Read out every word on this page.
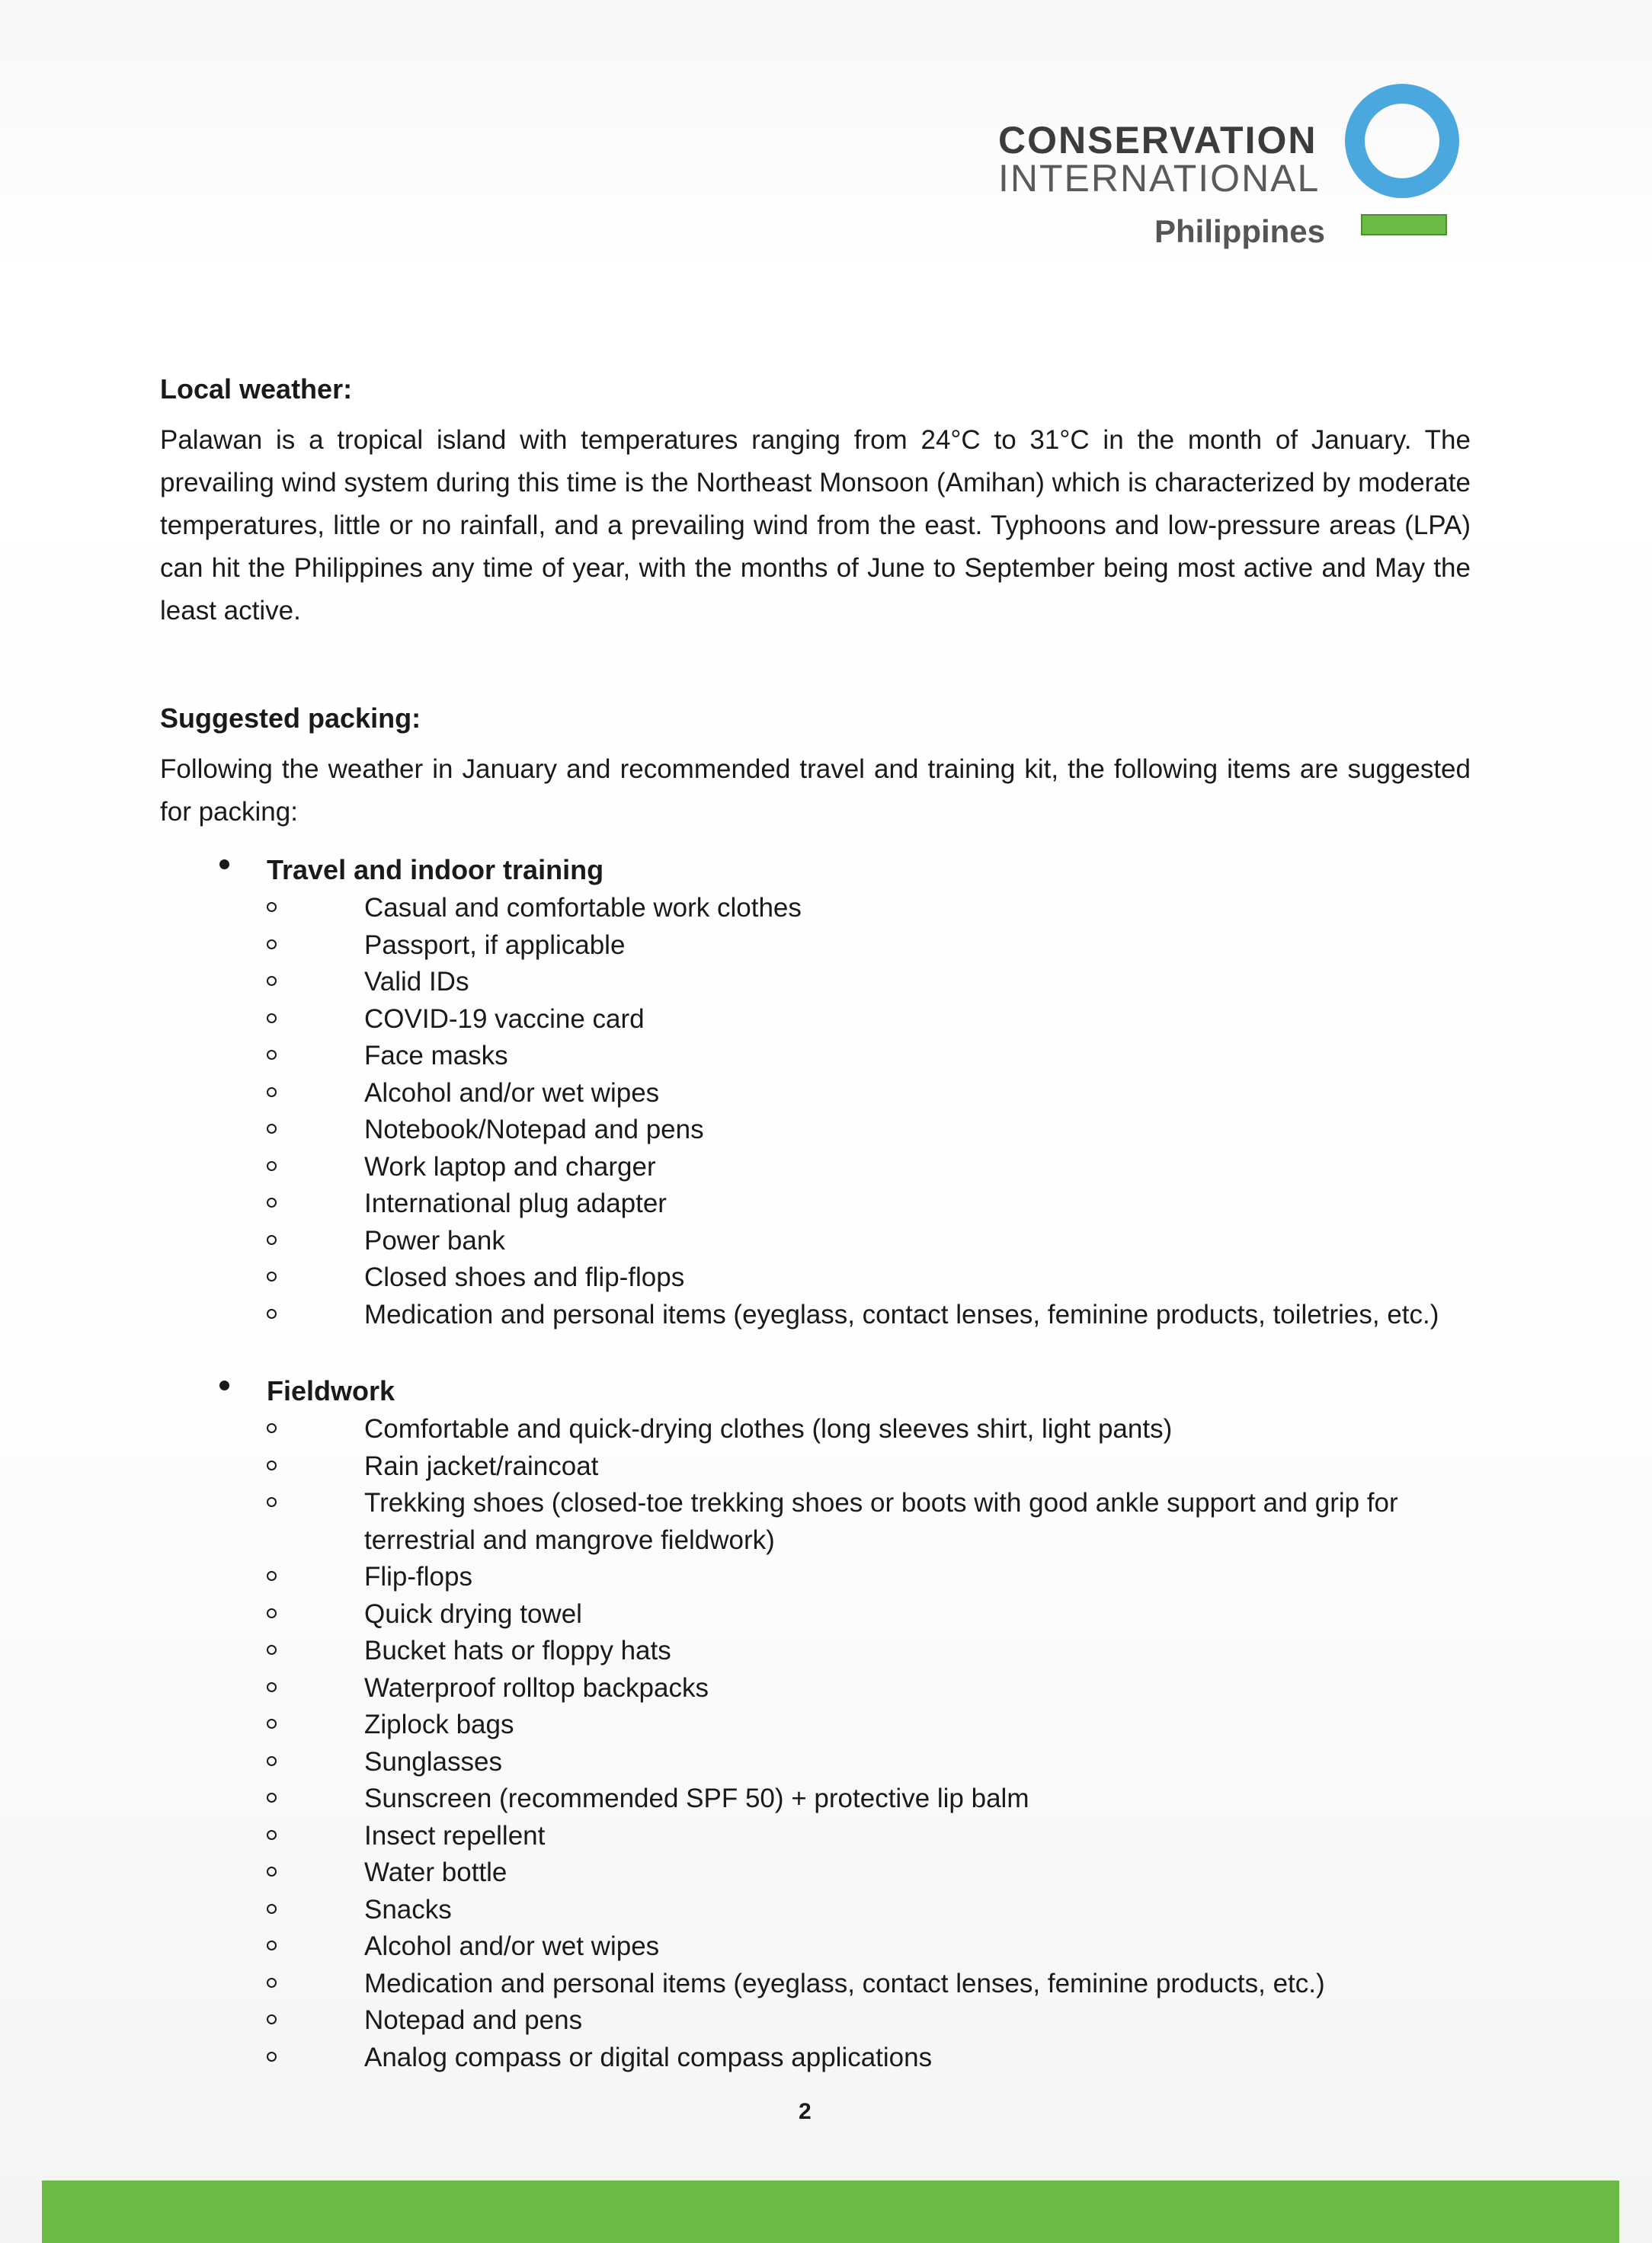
CONSERVATION
INTERNATIONAL
Philippines
Local weather:

Palawan is a tropical island with temperatures ranging from 24°C to 31°C in the month of January. The prevailing wind system during this time is the Northeast Monsoon (Amihan) which is characterized by moderate temperatures, little or no rainfall, and a prevailing wind from the east. Typhoons and low-pressure areas (LPA) can hit the Philippines any time of year, with the months of June to September being most active and May the least active.

Suggested packing:

Following the weather in January and recommended travel and training kit, the following items are suggested for packing:

Travel and indoor training
Casual and comfortable work clothes
Passport, if applicable
Valid IDs
COVID-19 vaccine card
Face masks
Alcohol and/or wet wipes
Notebook/Notepad and pens
Work laptop and charger
International plug adapter
Power bank
Closed shoes and flip-flops
Medication and personal items (eyeglass, contact lenses, feminine products, toiletries, etc.)
Fieldwork
Comfortable and quick-drying clothes (long sleeves shirt, light pants)
Rain jacket/raincoat
Trekking shoes (closed-toe trekking shoes or boots with good ankle support and grip for terrestrial and mangrove fieldwork)
Flip-flops
Quick drying towel
Bucket hats or floppy hats
Waterproof rolltop backpacks
Ziplock bags
Sunglasses
Sunscreen (recommended SPF 50) + protective lip balm
Insect repellent
Water bottle
Snacks
Alcohol and/or wet wipes
Medication and personal items (eyeglass, contact lenses, feminine products, etc.)
Notepad and pens
Analog compass or digital compass applications
2
